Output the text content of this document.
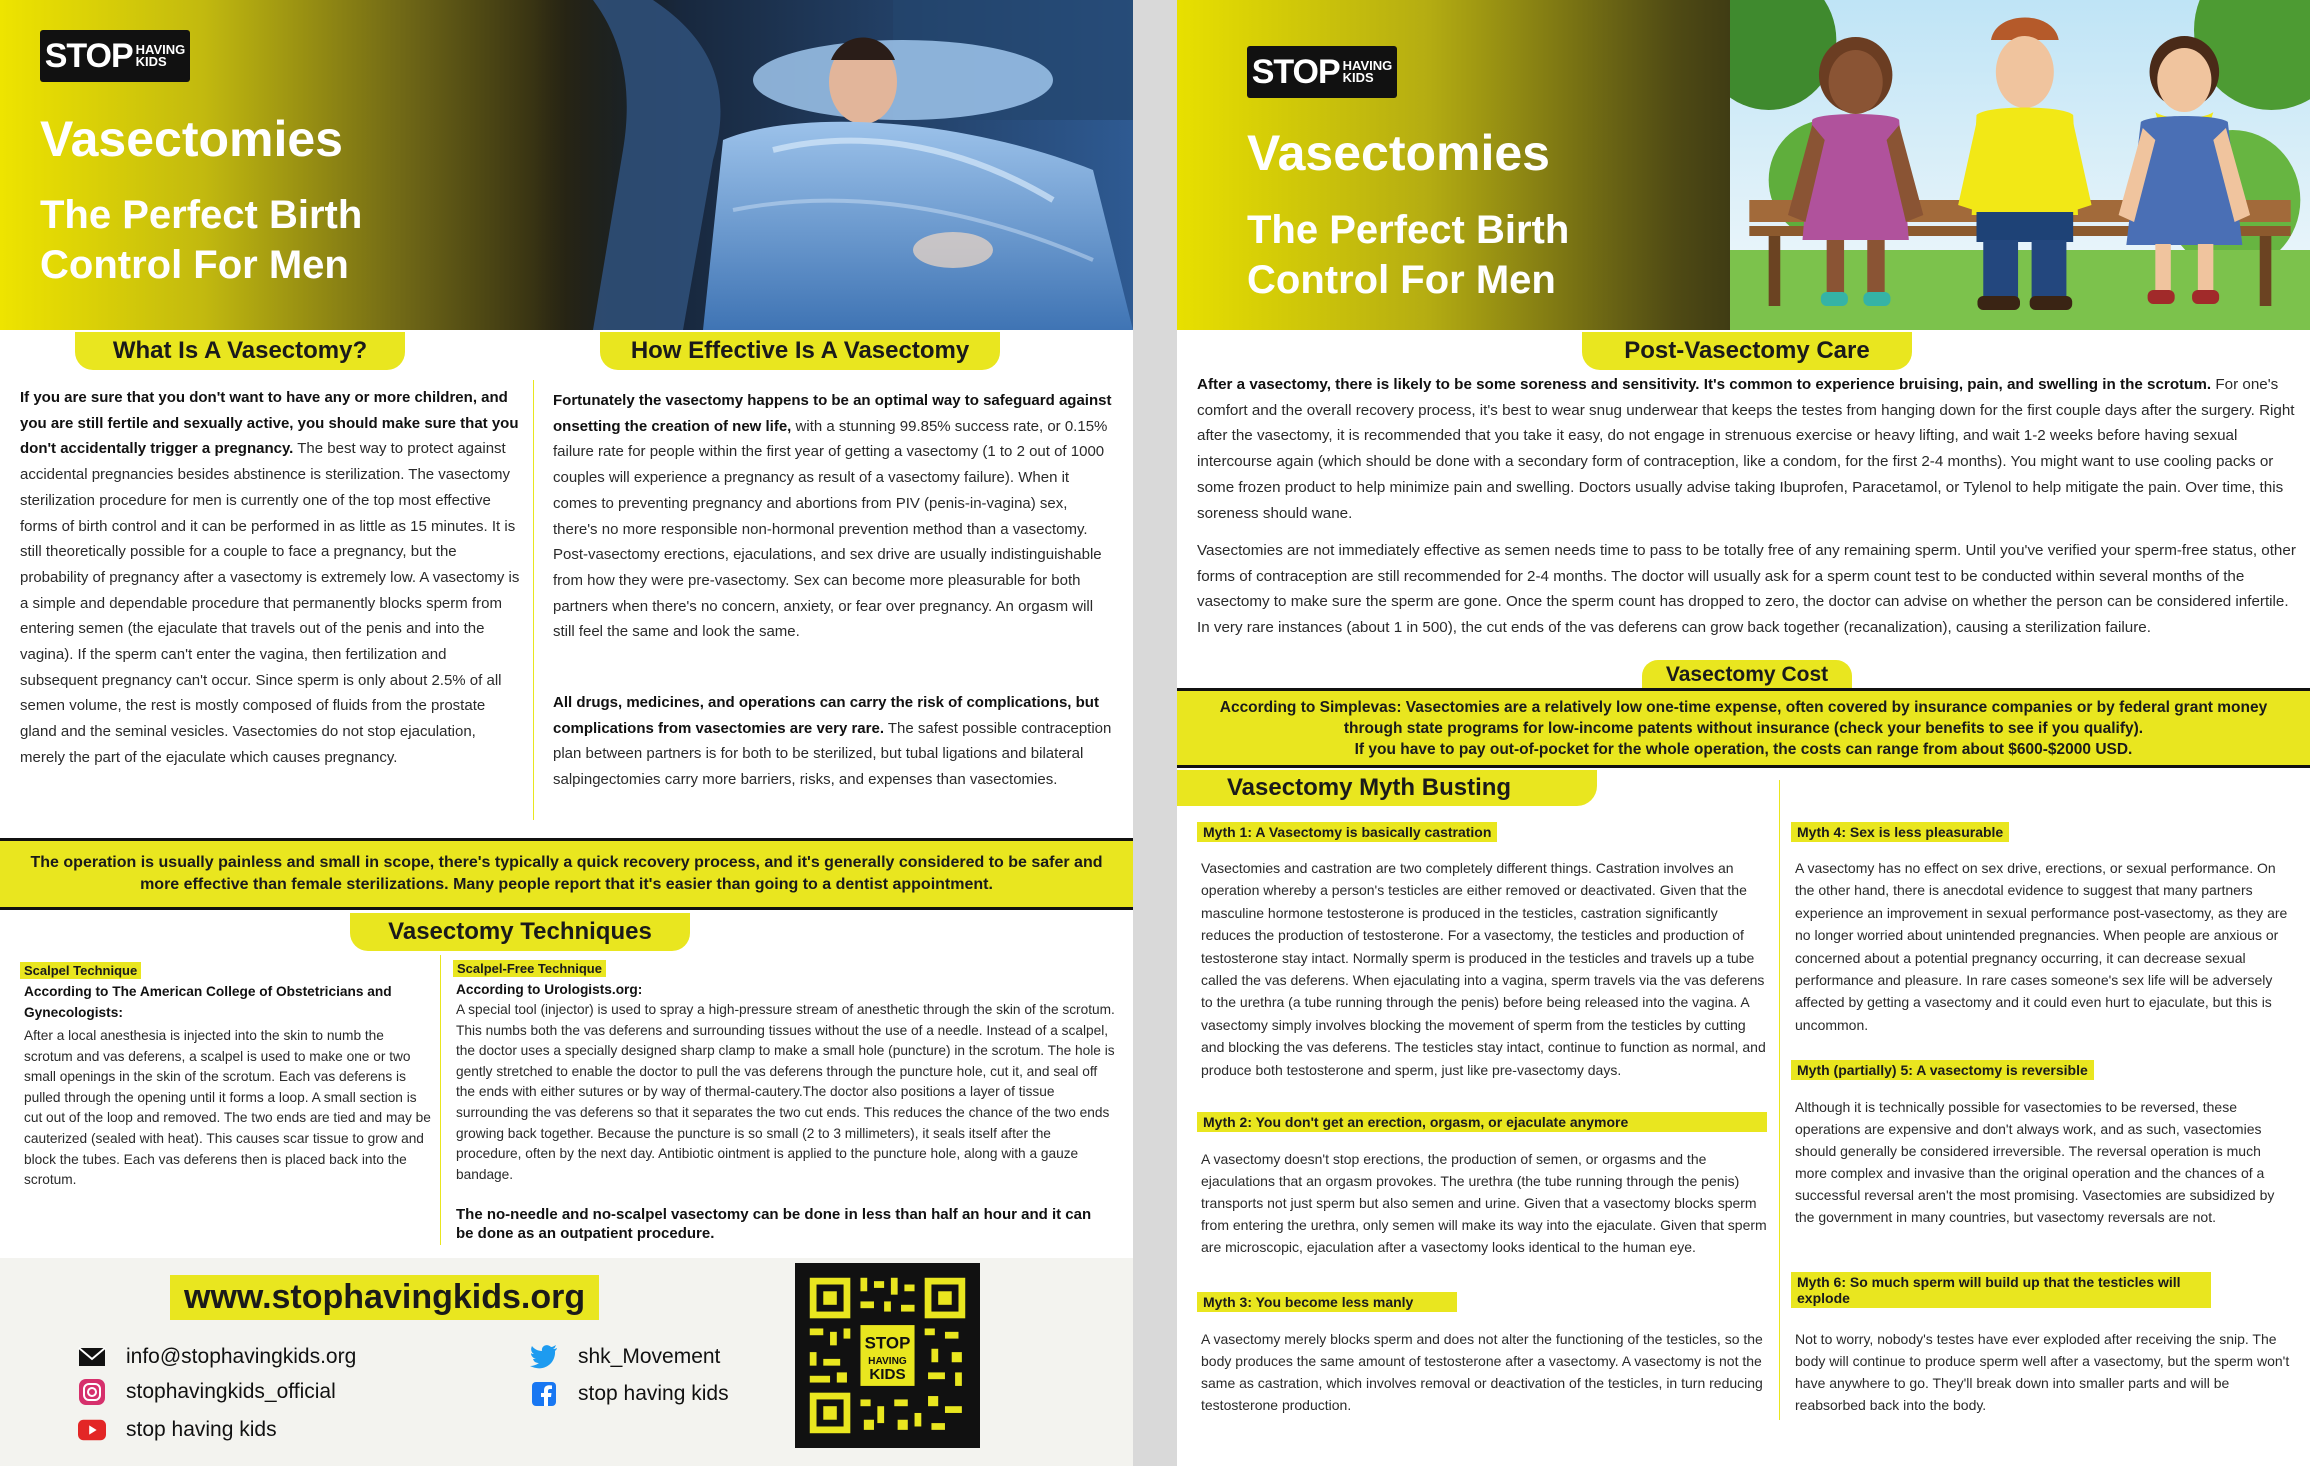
STOP HAVING
KIDS
Vasectomies
The Perfect Birth Control For Men
What Is A Vasectomy?	How Effective Is A Vasectomy
If you are sure that you don't want to have any or more children, and you are still fertile and sexually active, you should make sure that you don't accidentally trigger a pregnancy. The best way to protect against accidental pregnancies besides abstinence is sterilization. The vasectomy sterilization procedure for men is currently one of the top most effective forms of birth control and it can be performed in as little as 15 minutes. It is still theoretically possible for a couple to face a pregnancy, but the probability of pregnancy after a vasectomy is extremely low. A vasectomy is a simple and dependable procedure that permanently blocks sperm from entering semen (the ejaculate that travels out of the penis and into the vagina). If the sperm can't enter the vagina, then fertilization and subsequent pregnancy can't occur. Since sperm is only about 2.5% of all semen volume, the rest is mostly composed of fluids from the prostate gland and the seminal vesicles. Vasectomies do not stop ejaculation, merely the part of the ejaculate which causes pregnancy.
Fortunately the vasectomy happens to be an optimal way to safeguard against onsetting the creation of new life, with a stunning 99.85% success rate, or 0.15% failure rate for people within the first year of getting a vasectomy (1 to 2 out of 1000 couples will experience a pregnancy as result of a vasectomy failure). When it comes to preventing pregnancy and abortions from PIV (penis-in-vagina) sex, there's no more responsible non-hormonal prevention method than a vasectomy. Post-vasectomy erections, ejaculations, and sex drive are usually indistinguishable from how they were pre-vasectomy. Sex can become more pleasurable for both partners when there's no concern, anxiety, or fear over pregnancy. An orgasm will still feel the same and look the same.
All drugs, medicines, and operations can carry the risk of complications, but complications from vasectomies are very rare. The safest possible contraception plan between partners is for both to be sterilized, but tubal ligations and bilateral salpingectomies carry more barriers, risks, and expenses than vasectomies.
The operation is usually painless and small in scope, there's typically a quick recovery process, and it's generally considered to be safer and more effective than female sterilizations. Many people report that it's easier than going to a dentist appointment.
Vasectomy Techniques
Scalpel Technique
According to The American College of Obstetricians and Gynecologists:
After a local anesthesia is injected into the skin to numb the scrotum and vas deferens, a scalpel is used to make one or two small openings in the skin of the scrotum. Each vas deferens is pulled through the opening until it forms a loop. A small section is cut out of the loop and removed. The two ends are tied and may be cauterized (sealed with heat). This causes scar tissue to grow and block the tubes. Each vas deferens then is placed back into the scrotum.
Scalpel-Free Technique
According to Urologists.org:
A special tool (injector) is used to spray a high-pressure stream of anesthetic through the skin of the scrotum. This numbs both the vas deferens and surrounding tissues without the use of a needle. Instead of a scalpel, the doctor uses a specially designed sharp clamp to make a small hole (puncture) in the scrotum. The hole is gently stretched to enable the doctor to pull the vas deferens through the puncture hole, cut it, and seal off the ends with either sutures or by way of thermal-cautery.The doctor also positions a layer of tissue surrounding the vas deferens so that it separates the two cut ends. This reduces the chance of the two ends growing back together. Because the puncture is so small (2 to 3 millimeters), it seals itself after the procedure, often by the next day. Antibiotic ointment is applied to the puncture hole, along with a gauze bandage.
The no-needle and no-scalpel vasectomy can be done in less than half an hour and it can be done as an outpatient procedure.
www.stophavingkids.org
info@stophavingkids.org
stophavingkids_official
stop having kids
shk_Movement
stop having kids
STOP
HAVING
KIDS
STOP HAVING
KIDS
Vasectomies
The Perfect Birth Control For Men
Post-Vasectomy Care
After a vasectomy, there is likely to be some soreness and sensitivity. It's common to experience bruising, pain, and swelling in the scrotum. For one's comfort and the overall recovery process, it's best to wear snug underwear that keeps the testes from hanging down for the first couple days after the surgery. Right after the vasectomy, it is recommended that you take it easy, do not engage in strenuous exercise or heavy lifting, and wait 1-2 weeks before having sexual intercourse again (which should be done with a secondary form of contraception, like a condom, for the first 2-4 months). You might want to use cooling packs or some frozen product to help minimize pain and swelling. Doctors usually advise taking Ibuprofen, Paracetamol, or Tylenol to help mitigate the pain. Over time, this soreness should wane.
Vasectomies are not immediately effective as semen needs time to pass to be totally free of any remaining sperm. Until you've verified your sperm-free status, other forms of contraception are still recommended for 2-4 months. The doctor will usually ask for a sperm count test to be conducted within several months of the vasectomy to make sure the sperm are gone. Once the sperm count has dropped to zero, the doctor can advise on whether the person can be considered infertile. In very rare instances (about 1 in 500), the cut ends of the vas deferens can grow back together (recanalization), causing a sterilization failure.
Vasectomy Cost
According to Simplevas: Vasectomies are a relatively low one-time expense, often covered by insurance companies or by federal grant money through state programs for low-income patents without insurance (check your benefits to see if you qualify).
If you have to pay out-of-pocket for the whole operation, the costs can range from about $600-$2000 USD.
Vasectomy Myth Busting
Myth 1: A Vasectomy is basically castration
Vasectomies and castration are two completely different things. Castration involves an operation whereby a person's testicles are either removed or deactivated. Given that the masculine hormone testosterone is produced in the testicles, castration significantly reduces the production of testosterone. For a vasectomy, the testicles and production of testosterone stay intact. Normally sperm is produced in the testicles and travels up a tube called the vas deferens. When ejaculating into a vagina, sperm travels via the vas deferens to the urethra (a tube running through the penis) before being released into the vagina. A vasectomy simply involves blocking the movement of sperm from the testicles by cutting and blocking the vas deferens. The testicles stay intact, continue to function as normal, and produce both testosterone and sperm, just like pre-vasectomy days.
Myth 2: You don't get an erection, orgasm, or ejaculate anymore
A vasectomy doesn't stop erections, the production of semen, or orgasms and the ejaculations that an orgasm provokes. The urethra (the tube running through the penis) transports not just sperm but also semen and urine. Given that a vasectomy blocks sperm from entering the urethra, only semen will make its way into the ejaculate. Given that sperm are microscopic, ejaculation after a vasectomy looks identical to the human eye.
Myth 3: You become less manly
A vasectomy merely blocks sperm and does not alter the functioning of the testicles, so the body produces the same amount of testosterone after a vasectomy. A vasectomy is not the same as castration, which involves removal or deactivation of the testicles, in turn reducing testosterone production.
Myth 4: Sex is less pleasurable
A vasectomy has no effect on sex drive, erections, or sexual performance. On the other hand, there is anecdotal evidence to suggest that many partners experience an improvement in sexual performance post-vasectomy, as they are no longer worried about unintended pregnancies. When people are anxious or concerned about a potential pregnancy occurring, it can decrease sexual performance and pleasure. In rare cases someone's sex life will be adversely affected by getting a vasectomy and it could even hurt to ejaculate, but this is uncommon.
Myth (partially) 5: A vasectomy is reversible
Although it is technically possible for vasectomies to be reversed, these operations are expensive and don't always work, and as such, vasectomies should generally be considered irreversible. The reversal operation is much more complex and invasive than the original operation and the chances of a successful reversal aren't the most promising. Vasectomies are subsidized by the government in many countries, but vasectomy reversals are not.
Myth 6: So much sperm will build up that the testicles will explode
Not to worry, nobody's testes have ever exploded after receiving the snip. The body will continue to produce sperm well after a vasectomy, but the sperm won't have anywhere to go. They'll break down into smaller parts and will be reabsorbed back into the body.
